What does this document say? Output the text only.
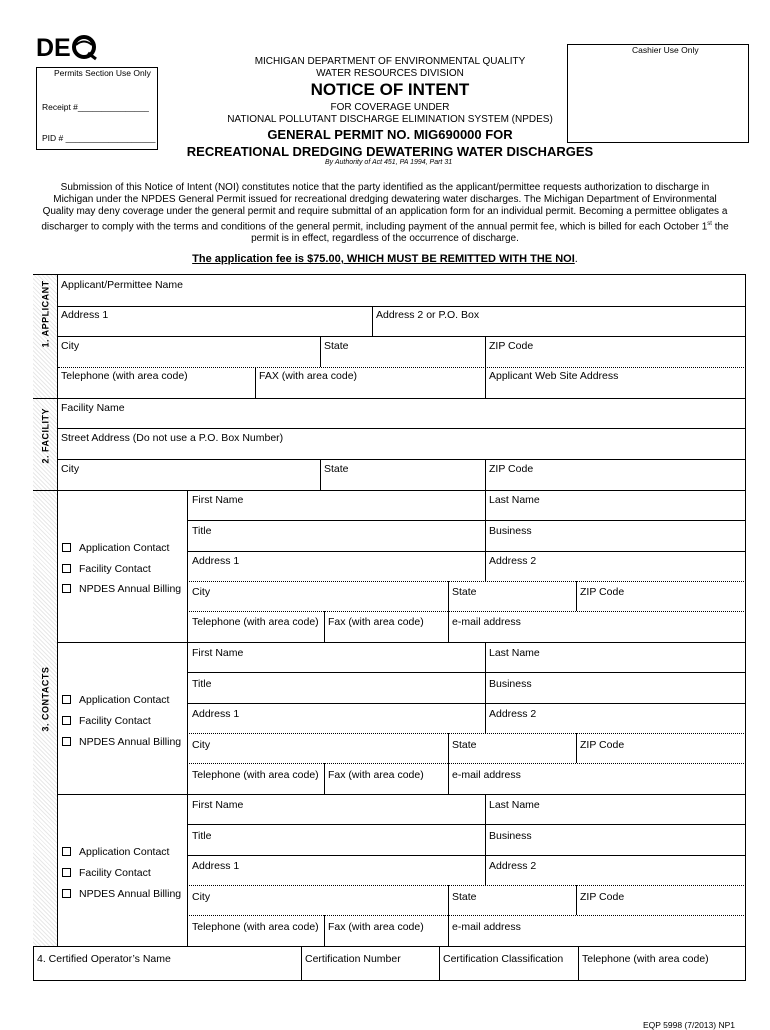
DE	Cashier Use Only
Permits Section Use Only
Receipt #_______________
PID # ___________________
MICHIGAN DEPARTMENT OF ENVIRONMENTAL QUALITY
WATER RESOURCES DIVISION
NOTICE OF INTENT
FOR COVERAGE UNDER
NATIONAL POLLUTANT DISCHARGE ELIMINATION SYSTEM (NPDES)
GENERAL PERMIT NO. MIG690000 FOR
RECREATIONAL DREDGING DEWATERING WATER DISCHARGES
By Authority of Act 451, PA 1994, Part 31
Submission of this Notice of Intent (NOI) constitutes notice that the party identified as the applicant/permittee requests authorization to discharge in
Michigan under the NPDES General Permit issued for recreational dredging dewatering water discharges. The Michigan Department of Environmental
Quality may deny coverage under the general permit and require submittal of an application form for an individual permit. Becoming a permittee obligates a
discharger to comply with the terms and conditions of the general permit, including payment of the annual permit fee, which is billed for each October 1st the
permit is in effect, regardless of the occurrence of discharge.
The application fee is $75.00, WHICH MUST BE REMITTED WITH THE NOI.
Applicant/Permittee Name
Address 1	Address 2 or P.O. Box
City	State	ZIP Code
Telephone (with area code)	FAX (with area code)	Applicant Web Site Address
Facility Name
Street Address (Do not use a P.O. Box Number)
City	State	ZIP Code
First Name	Last Name
Title	Business
Address 1	Address 2
City	State	ZIP Code
Telephone (with area code) Fax (with area code)	e-mail address
Application Contact
Facility Contact
NPDES Annual Billing
First Name	Last Name
Title	Business
Address 1	Address 2
City	State	ZIP Code
Telephone (with area code) Fax (with area code)	e-mail address
Application Contact
Facility Contact
NPDES Annual Billing
First Name	Last Name
Title	Business
Address 1	Address 2
City	State	ZIP Code
Telephone (with area code) Fax (with area code)	e-mail address
Application Contact
Facility Contact
NPDES Annual Billing
4. Certified Operator’s Name	Certification Number	Certification Classification Telephone (with area code)
EQP 5998 (7/2013) NP1
